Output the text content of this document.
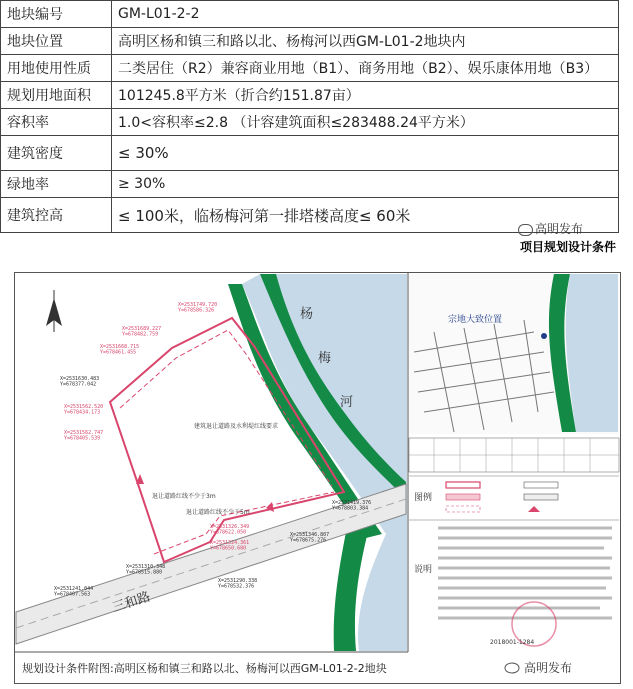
地块编号	GM-L01-2-2
地块位置	高明区杨和镇三和路以北、杨梅河以西GM-L01-2地块内
用地使用性质	二类居住（R2）兼容商业用地（B1）、商务用地（B2）、娱乐康体用地（B3）
规划用地面积	101245.8平方米（折合约151.87亩）
容积率	1.0<容积率≤2.8 （计容建筑面积≤283488.24平方米）
建筑密度	≤ 30%
绿地率	≥ 30%
建筑控高	≤ 100米，临杨梅河第一排塔楼高度≤ 60米
高明发布
项目规划设计条件
杨
梅
河
三和路
退让道路红线不少于3m
退让道路红线不少于5m
建筑退让道路及水利堤红线要求
X=2531749.720 Y=678586.326
X=2531689.227 Y=678482.759
X=2531668.715 Y=678461.455
X=2531630.483 Y=678377.042
X=2531562.520 Y=678434.173
X=2531562.747 Y=678405.539
X=2531326.349 Y=678622.050
X=2531324.361 Y=678650.680
X=2531419.376 Y=678803.384
X=2531346.807 Y=678675.276
X=2531310.348 Y=678515.880
X=2531241.044 Y=678407.563
X=2531290.338 Y=678532.376
宗地大致位置
图例
说明
2018001-1284
规划设计条件附图:高明区杨和镇三和路以北、杨梅河以西GM-L01-2-2地块	高明发布
